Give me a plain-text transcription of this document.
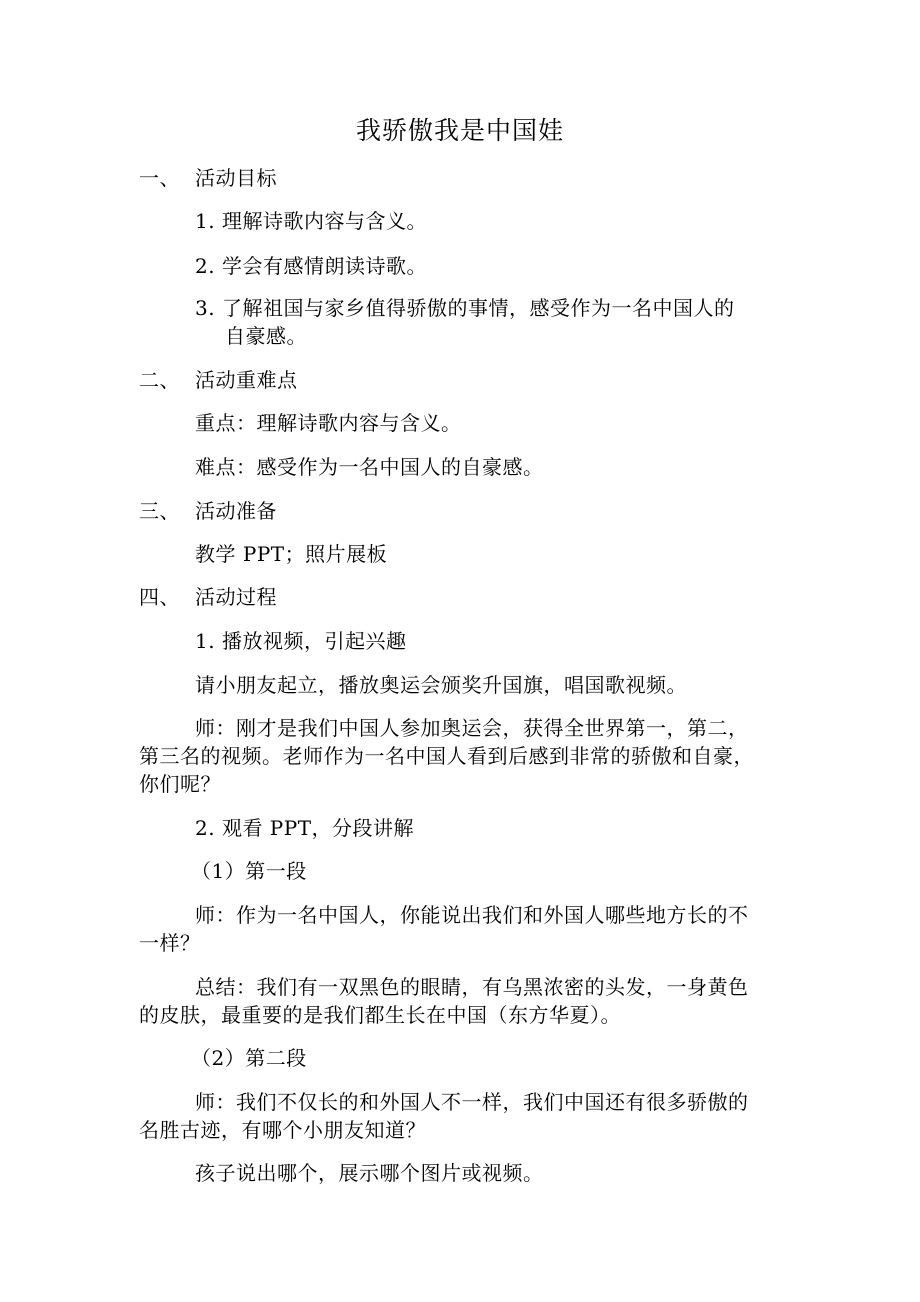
我骄傲我是中国娃
一、 活动目标
1. 理解诗歌内容与含义。
2. 学会有感情朗读诗歌。
3. 了解祖国与家乡值得骄傲的事情，感受作为一名中国人的
自豪感。
二、 活动重难点
重点：理解诗歌内容与含义。
难点：感受作为一名中国人的自豪感。
三、 活动准备
教学 PPT；照片展板
四、 活动过程
1. 播放视频，引起兴趣
请小朋友起立，播放奥运会颁奖升国旗，唱国歌视频。
师：刚才是我们中国人参加奥运会，获得全世界第一，第二，
第三名的视频。老师作为一名中国人看到后感到非常的骄傲和自豪，
你们呢？
2. 观看 PPT，分段讲解
（1）第一段
师：作为一名中国人，你能说出我们和外国人哪些地方长的不
一样？
总结：我们有一双黑色的眼睛，有乌黑浓密的头发，一身黄色
的皮肤，最重要的是我们都生长在中国（东方华夏）。
（2）第二段
师：我们不仅长的和外国人不一样，我们中国还有很多骄傲的
名胜古迹，有哪个小朋友知道？
孩子说出哪个，展示哪个图片或视频。
